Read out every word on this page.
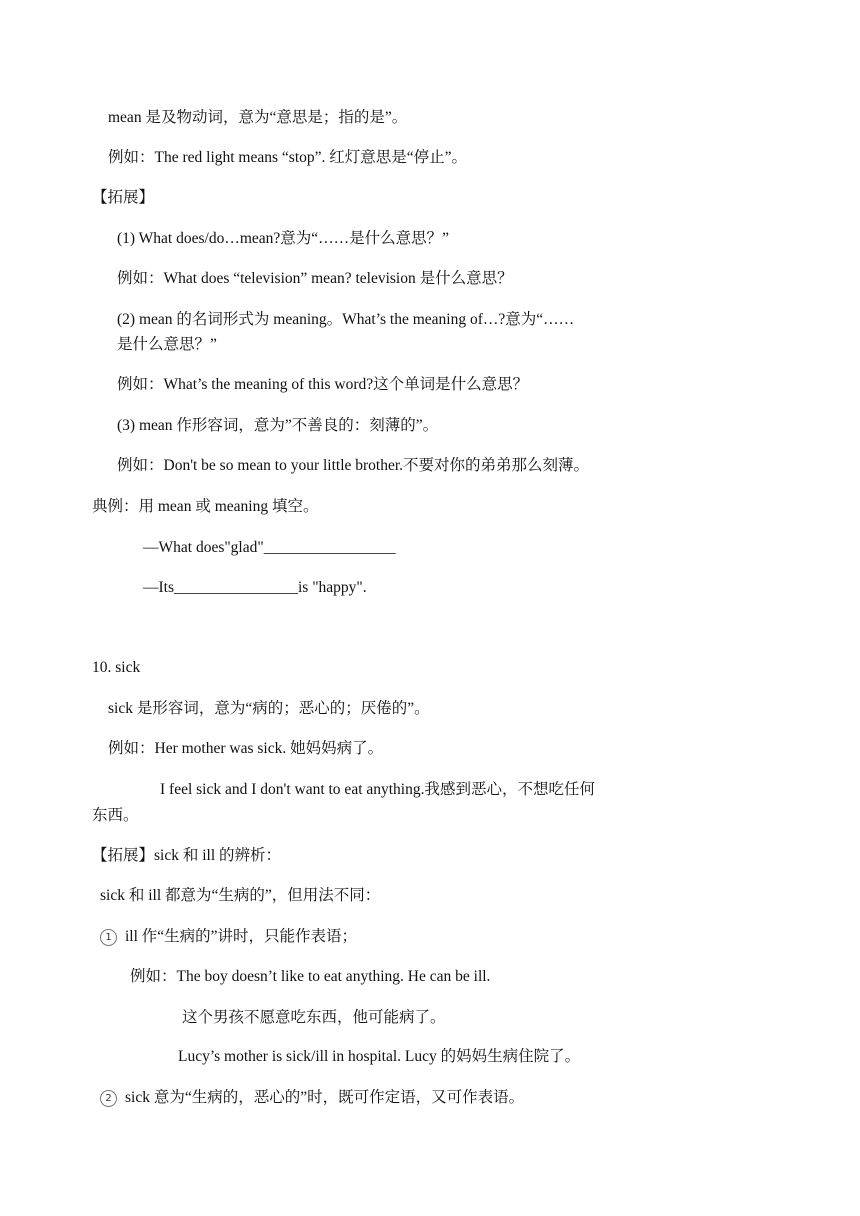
mean 是及物动词，意为“意思是；指的是”。
例如：The red light means “stop”. 红灯意思是“停止”。
【拓展】
(1) What does/do…mean?意为“……是什么意思？”
例如：What does “television” mean? television 是什么意思？
(2) mean 的名词形式为 meaning。What’s the meaning of…?意为“……
是什么意思？”
例如：What’s the meaning of this word?这个单词是什么意思？
(3) mean 作形容词，意为”不善良的：刻薄的”。
例如：Don't be so mean to your little brother.不要对你的弟弟那么刻薄。
典例：用 mean 或 meaning 填空。
—What does"glad"_________________
—Its________________is "happy".
10. sick
sick 是形容词，意为“病的；恶心的；厌倦的”。
例如：Her mother was sick. 她妈妈病了。
I feel sick and I don't want to eat anything.我感到恶心，不想吃任何
东西。
【拓展】sick 和 ill 的辨析：
sick 和 ill 都意为“生病的”，但用法不同：
1 ill 作“生病的”讲时，只能作表语；
例如：The boy doesn’t like to eat anything. He can be ill.
这个男孩不愿意吃东西，他可能病了。
Lucy’s mother is sick/ill in hospital. Lucy 的妈妈生病住院了。
2 sick 意为“生病的，恶心的”时，既可作定语，又可作表语。
